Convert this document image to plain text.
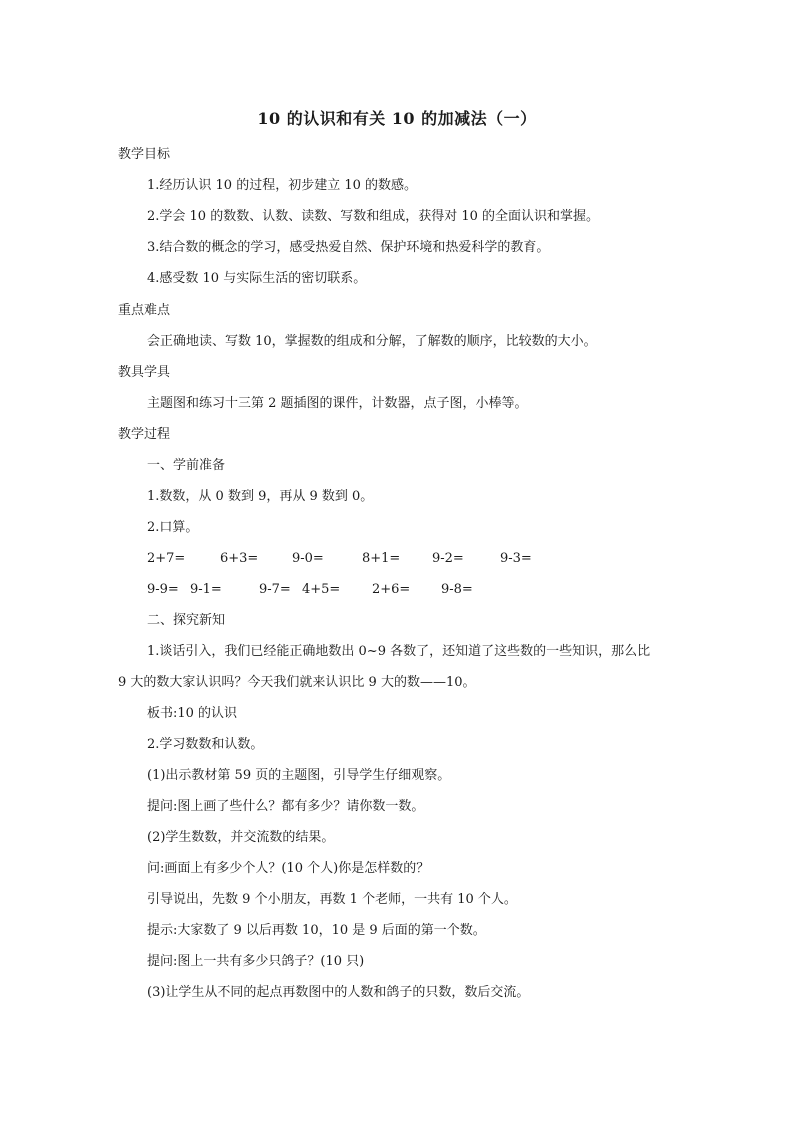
10 的认识和有关 10 的加减法（一）
教学目标
1.经历认识 10 的过程，初步建立 10 的数感。
2.学会 10 的数数、认数、读数、写数和组成，获得对 10 的全面认识和掌握。
3.结合数的概念的学习，感受热爱自然、保护环境和热爱科学的教育。
4.感受数 10 与实际生活的密切联系。
重点难点
会正确地读、写数 10，掌握数的组成和分解，了解数的顺序，比较数的大小。
教具学具
主题图和练习十三第 2 题插图的课件，计数器，点子图，小棒等。
教学过程
一、学前准备
1.数数，从 0 数到 9，再从 9 数到 0。
2.口算。
2+7=	6+3=	9-0=	8+1= 9-2=	9-3=
9-9= 9-1=	9-7= 4+5= 2+6= 9-8=
二、探究新知
1.谈话引入，我们已经能正确地数出 0~9 各数了，还知道了这些数的一些知识，那么比
9 大的数大家认识吗？今天我们就来认识比 9 大的数——10。
板书:10 的认识
2.学习数数和认数。
(1)出示教材第 59 页的主题图，引导学生仔细观察。
提问:图上画了些什么？都有多少？请你数一数。
(2)学生数数，并交流数的结果。
问:画面上有多少个人？(10 个人)你是怎样数的？
引导说出，先数 9 个小朋友，再数 1 个老师，一共有 10 个人。
提示:大家数了 9 以后再数 10，10 是 9 后面的第一个数。
提问:图上一共有多少只鸽子？(10 只)
(3)让学生从不同的起点再数图中的人数和鸽子的只数，数后交流。
